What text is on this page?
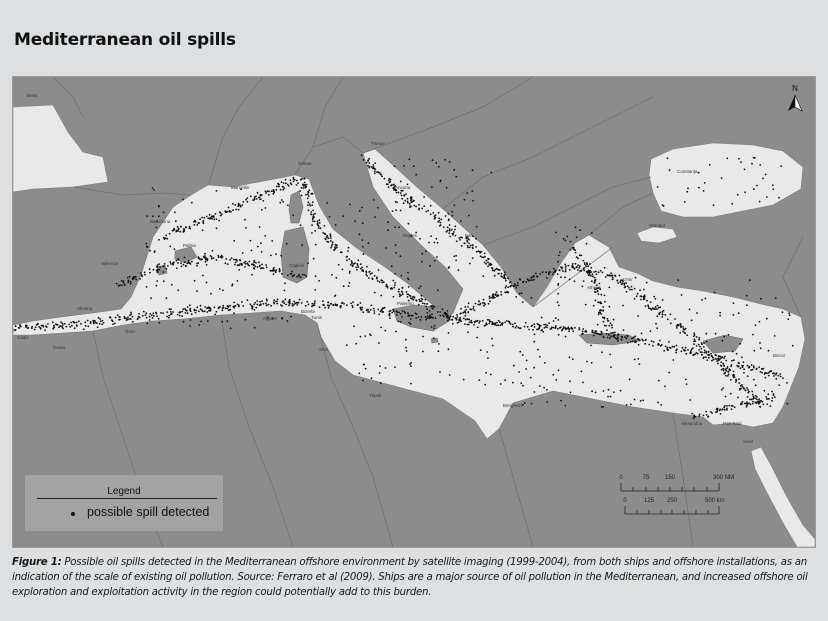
Mediterranean oil spills
Brest
Genoa
Trieste
Marseille	Ancona
Barcelona
Naples	Bari
Palma
Cagliari
Valencia
Palermo
Tunis
Algiers
Alméria
Oran
Bizerte
Sfax
Tripoli
Benghazi
Athens
Izmir
Istanbul
Alexandria	Port Said
Beirut
Suez
Constanța
Cádiz
Ceuta
N
0	75	150	300 NM
0	125 250	500 km
Legend
possible spill detected
Figure 1: Possible oil spills detected in the Mediterranean offshore environment by satellite imaging (1999-2004), from both ships and offshore installations, as an indication of the scale of existing oil pollution. Source: Ferraro et al (2009). Ships are a major source of oil pollution in the Mediterranean, and increased offshore oil exploration and exploitation activity in the region could potentially add to this burden.
